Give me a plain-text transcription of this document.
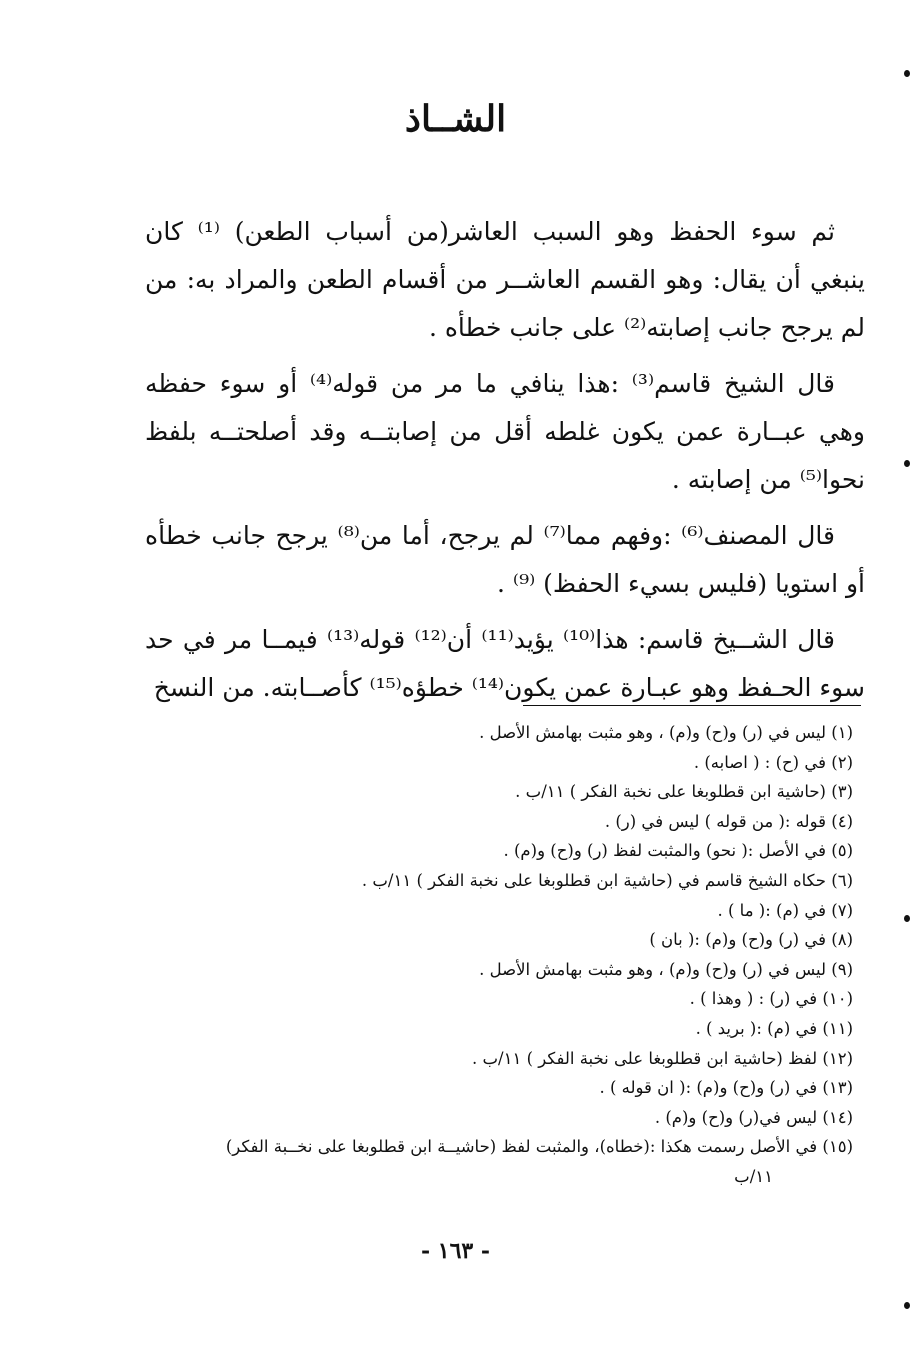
الشــاذ

ثم سوء الحفظ وهو السبب العاشر(من أسباب الطعن) ⁽¹⁾ كان ينبغي أن يقال: وهو القسم العاشــر من أقسام الطعن والمراد به: من لم يرجح جانب إصابته⁽²⁾ على جانب خطأه .

قال الشيخ قاسم⁽³⁾ :هذا ينافي ما مر من قوله⁽⁴⁾ أو سوء حفظه وهي عبــارة عمن يكون غلطه أقل من إصابتــه وقد أصلحتــه بلفظ نحوا⁽⁵⁾ من إصابته .

قال المصنف⁽⁶⁾ :وفهم مما⁽⁷⁾ لم يرجح، أما من⁽⁸⁾ يرجح جانب خطأه أو استويا (فليس بسيء الحفظ) ⁽⁹⁾ .

قال الشــيخ قاسم: هذا⁽¹⁰⁾ يؤيد⁽¹¹⁾ أن⁽¹²⁾ قوله⁽¹³⁾ فيمــا مر في حد سوء الحـفظ وهو عبـارة عمن يكون⁽¹⁴⁾ خطؤه⁽¹⁵⁾ كأصــابته. من النسخ

(١) ليس في (ر) و(ح) و(م) ، وهو مثبت بهامش الأصل .
(٢) في (ح) : ( اصابه) .
(٣) (حاشية ابن قطلوبغا على نخبة الفكر ) ١١/ب .
(٤) قوله :( من قوله ) ليس في (ر) .
(٥) في الأصل :( نحو) والمثبت لفظ (ر) و(ح) و(م) .
(٦) حكاه الشيخ قاسم في (حاشية ابن قطلوبغا على نخبة الفكر ) ١١/ب .
(٧) في (م) :( ما ) .
(٨) في (ر) و(ح) و(م) :( بان )
(٩) ليس في (ر) و(ح) و(م) ، وهو مثبت بهامش الأصل .
(١٠) في (ر) : ( وهذا ) .
(١١) في (م) :( بريد ) .
(١٢) لفظ (حاشية ابن قطلوبغا على نخبة الفكر ) ١١/ب .
(١٣) في (ر) و(ح) و(م) :( ان قوله ) .
(١٤) ليس في(ر) و(ح) و(م) .
(١٥) في الأصل رسمت هكذا :(خطاه)، والمثبت لفظ (حاشيــة ابن قطلوبغا على نخــبة الفكر)
١١/ب
- ١٦٣ -
